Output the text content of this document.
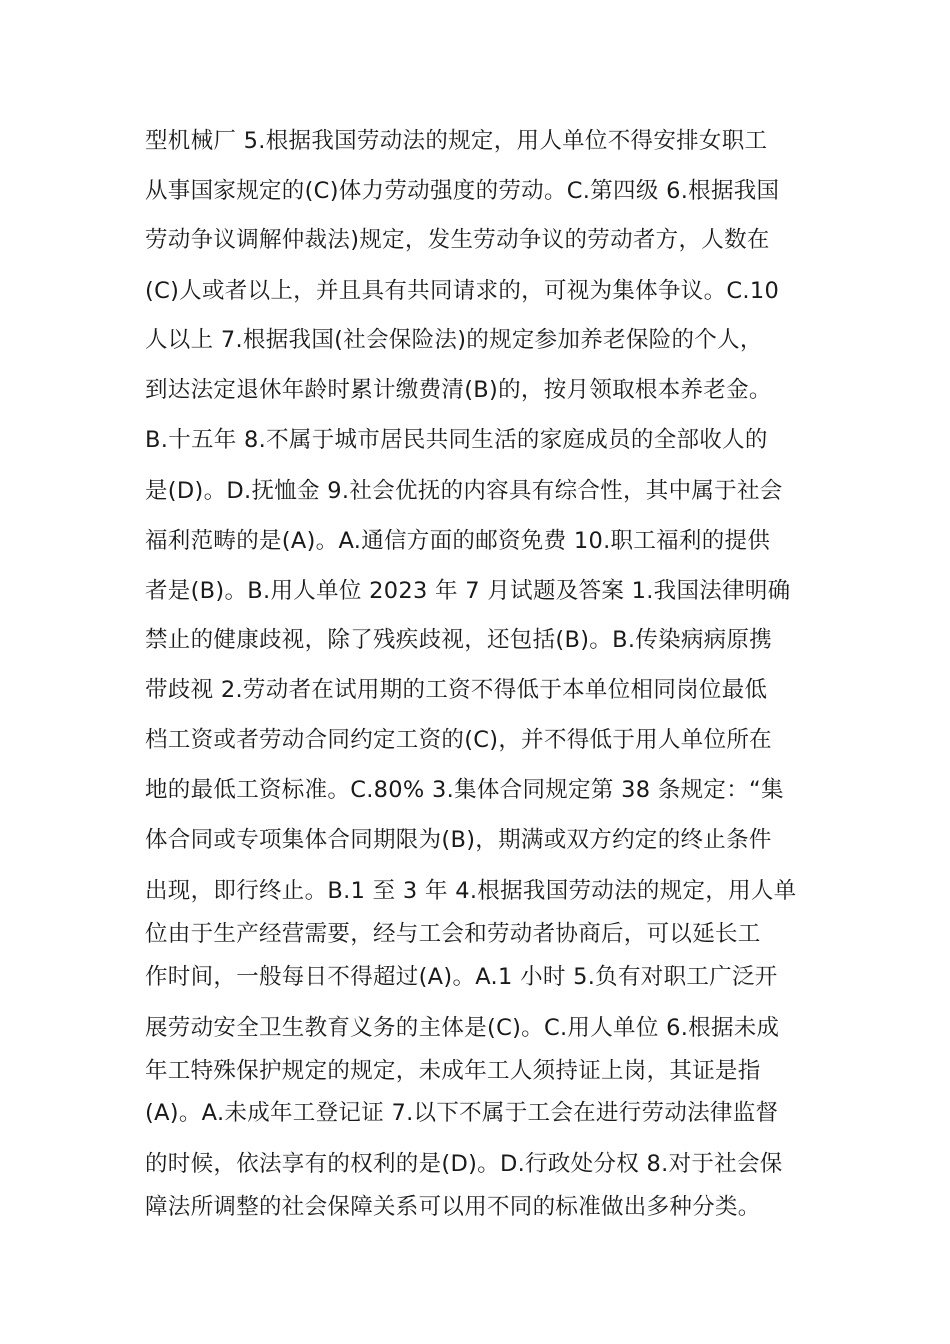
型机械厂 5.根据我国劳动法的规定，用人单位不得安排女职工
从事国家规定的(C)体力劳动强度的劳动。C.第四级 6.根据我国
劳动争议调解仲裁法)规定，发生劳动争议的劳动者方，人数在
(C)人或者以上，并且具有共同请求的，可视为集体争议。C.10
人以上 7.根据我国(社会保险法)的规定参加养老保险的个人，
到达法定退休年龄时累计缴费清(B)的，按月领取根本养老金。
B.十五年 8.不属于城市居民共同生活的家庭成员的全部收人的
是(D)。D.抚恤金 9.社会优抚的内容具有综合性，其中属于社会
福利范畴的是(A)。A.通信方面的邮资免费 10.职工福利的提供
者是(B)。B.用人单位 2023 年 7 月试题及答案 1.我国法律明确
禁止的健康歧视，除了残疾歧视，还包括(B)。B.传染病病原携
带歧视 2.劳动者在试用期的工资不得低于本单位相同岗位最低
档工资或者劳动合同约定工资的(C)，并不得低于用人单位所在
地的最低工资标准。C.80% 3.集体合同规定第 38 条规定：“集
体合同或专项集体合同期限为(B)，期满或双方约定的终止条件
出现，即行终止。B.1 至 3 年 4.根据我国劳动法的规定，用人单
位由于生产经营需要，经与工会和劳动者协商后，可以延长工
作时间，一般每日不得超过(A)。A.1 小时 5.负有对职工广泛开
展劳动安全卫生教育义务的主体是(C)。C.用人单位 6.根据未成
年工特殊保护规定的规定，未成年工人须持证上岗，其证是指
(A)。A.未成年工登记证 7.以下不属于工会在进行劳动法律监督
的时候，依法享有的权利的是(D)。D.行政处分权 8.对于社会保
障法所调整的社会保障关系可以用不同的标准做出多种分类。
